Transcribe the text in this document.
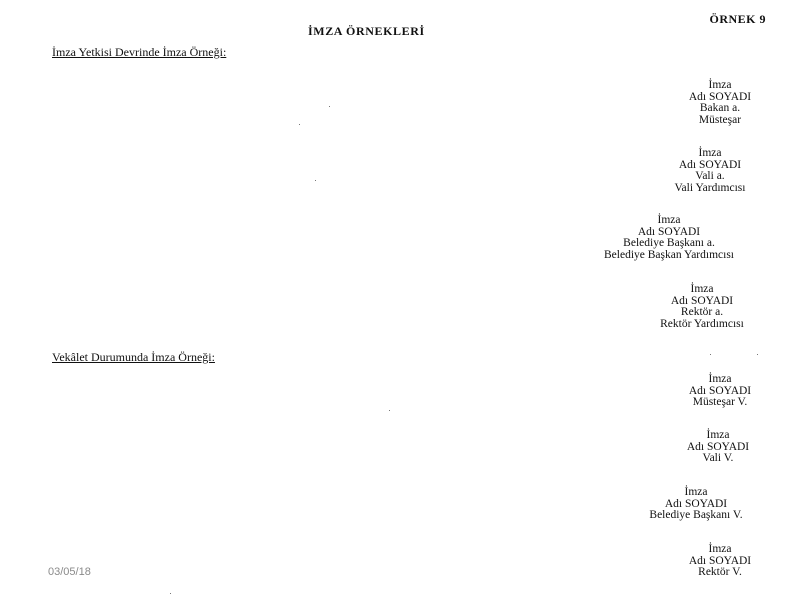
ÖRNEK 9
İMZA ÖRNEKLERİ
İmza Yetkisi Devrinde İmza Örneği:
İmza
Adı SOYADI
Bakan a.
Müsteşar
İmza
Adı SOYADI
Vali a.
Vali Yardımcısı
İmza
Adı SOYADI
Belediye Başkanı a.
Belediye Başkan Yardımcısı
İmza
Adı SOYADI
Rektör a.
Rektör Yardımcısı
Vekâlet Durumunda İmza Örneği:
İmza
Adı SOYADI
Müsteşar V.
İmza
Adı SOYADI
Vali V.
İmza
Adı SOYADI
Belediye Başkanı V.
İmza
Adı SOYADI
Rektör V.
03/05/18
